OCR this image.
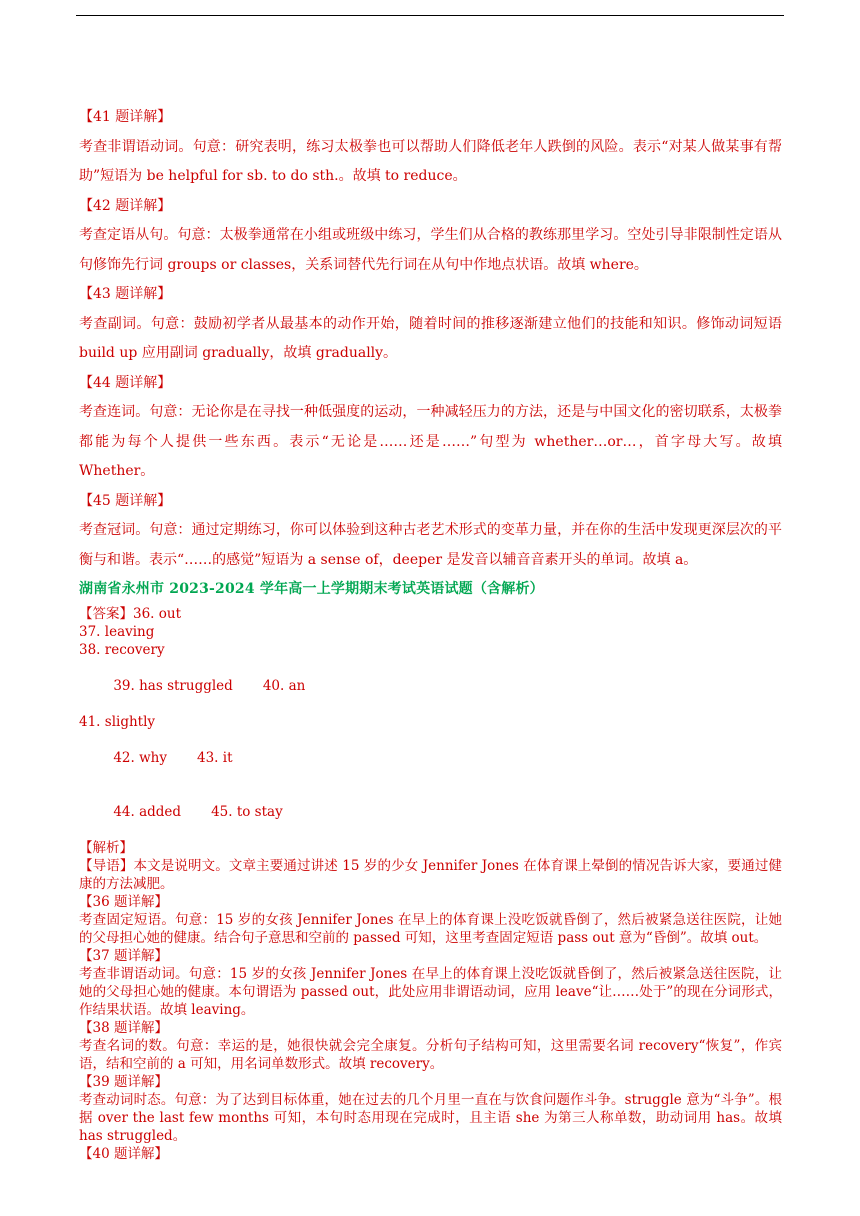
【41 题详解】
考查非谓语动词。句意：研究表明，练习太极拳也可以帮助人们降低老年人跌倒的风险。表示“对某人做某事有帮助”短语为 be helpful for sb. to do sth.。故填 to reduce。
【42 题详解】
考查定语从句。句意：太极拳通常在小组或班级中练习，学生们从合格的教练那里学习。空处引导非限制性定语从句修饰先行词 groups or classes，关系词替代先行词在从句中作地点状语。故填 where。
【43 题详解】
考查副词。句意：鼓励初学者从最基本的动作开始，随着时间的推移逐渐建立他们的技能和知识。修饰动词短语 build up 应用副词 gradually，故填 gradually。
【44 题详解】
考查连词。句意：无论你是在寻找一种低强度的运动，一种减轻压力的方法，还是与中国文化的密切联系，太极拳都能为每个人提供一些东西。表示“无论是……还是……”句型为 whether…or…，首字母大写。故填 Whether。
【45 题详解】
考查冠词。句意：通过定期练习，你可以体验到这种古老艺术形式的变革力量，并在你的生活中发现更深层次的平衡与和谐。表示“……的感觉”短语为 a sense of，deeper 是发音以辅音音素开头的单词。故填 a。
湖南省永州市 2023-2024 学年高一上学期期末考试英语试题（含解析）
【答案】36. out
37. leaving
38. recovery

39. has struggled 40. an

41. slightly

42. why 43. it

44. added 45. to stay

【解析】
【导语】本文是说明文。文章主要通过讲述 15 岁的少女 Jennifer Jones 在体育课上晕倒的情况告诉大家，要通过健康的方法减肥。
【36 题详解】
考查固定短语。句意：15 岁的女孩 Jennifer Jones 在早上的体育课上没吃饭就昏倒了，然后被紧急送往医院，让她的父母担心她的健康。结合句子意思和空前的 passed 可知，这里考查固定短语 pass out 意为“昏倒”。故填 out。
【37 题详解】
考查非谓语动词。句意：15 岁的女孩 Jennifer Jones 在早上的体育课上没吃饭就昏倒了，然后被紧急送往医院，让她的父母担心她的健康。本句谓语为 passed out，此处应用非谓语动词，应用 leave“让……处于”的现在分词形式，作结果状语。故填 leaving。
【38 题详解】
考查名词的数。句意：幸运的是，她很快就会完全康复。分析句子结构可知，这里需要名词 recovery“恢复”，作宾语，结和空前的 a 可知，用名词单数形式。故填 recovery。
【39 题详解】
考查动词时态。句意：为了达到目标体重，她在过去的几个月里一直在与饮食问题作斗争。struggle 意为“斗争”。根据 over the last few months 可知，本句时态用现在完成时，且主语 she 为第三人称单数，助动词用 has。故填 has struggled。
【40 题详解】
